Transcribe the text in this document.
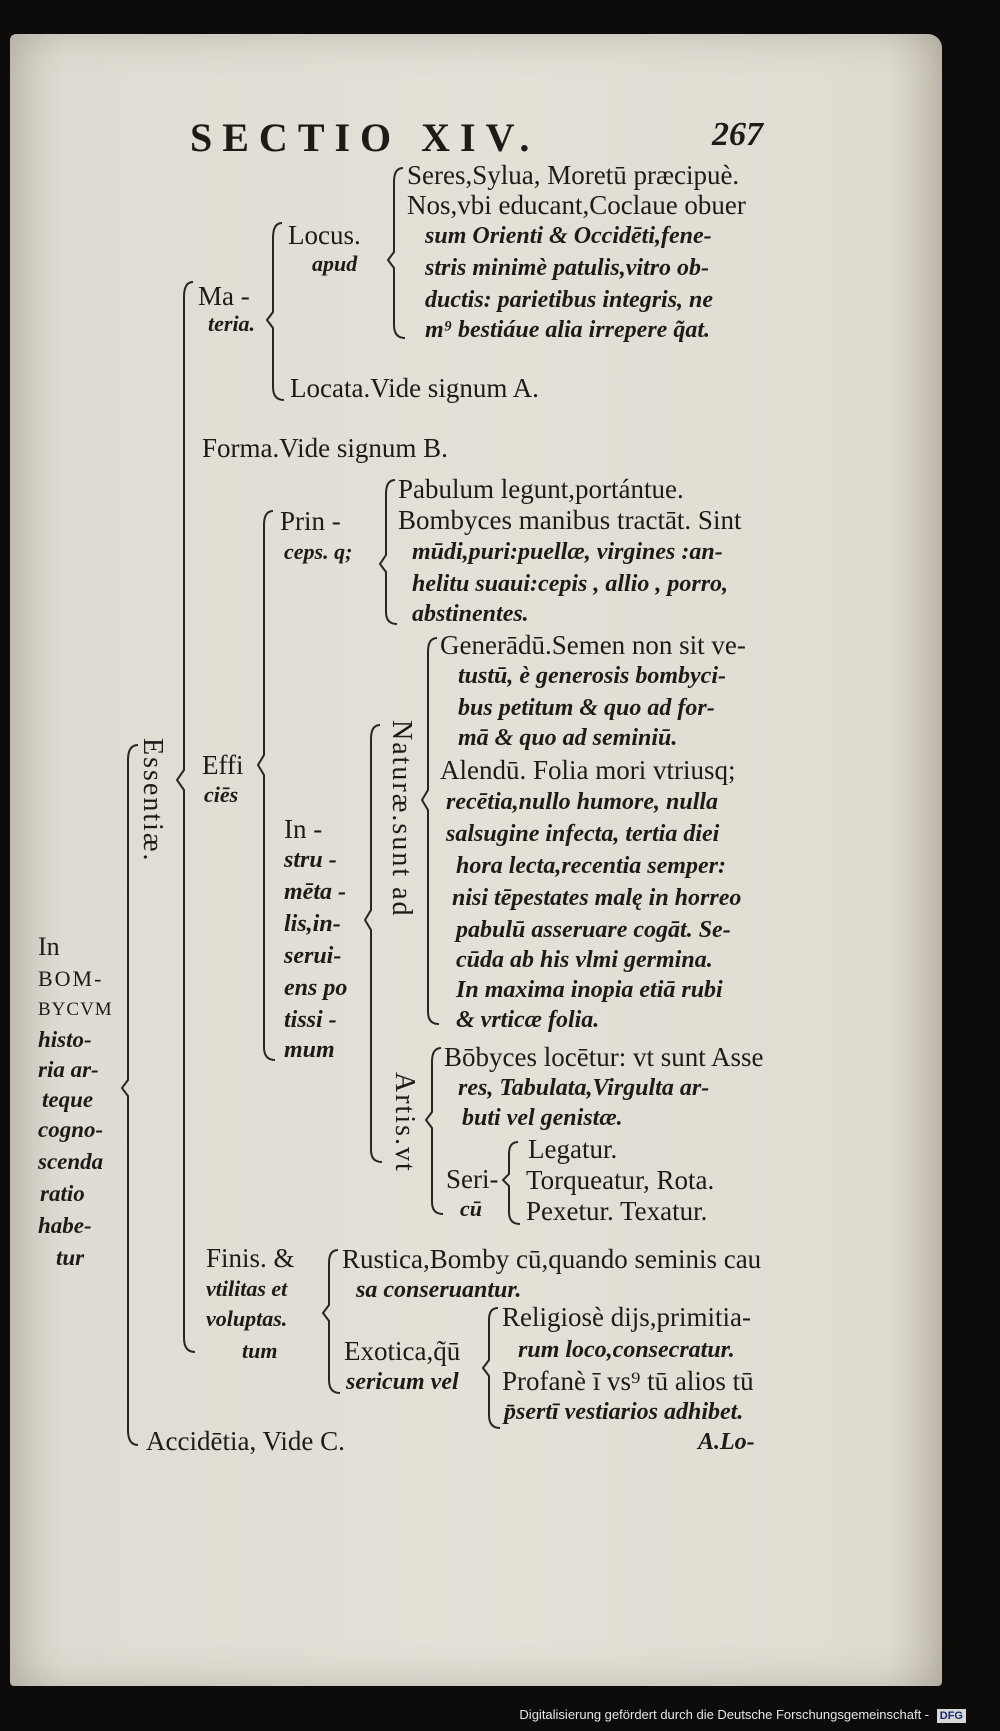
SECTIO XIV.	267
In
BOM-
BYCVM
histo-
ria ar-
teque
cogno-
scenda
ratio
habe-
tur
Essentiæ.
Ma -
teria.
Locus.
apud
Seres,Sylua, Moretū præcipuè.
Nos,vbi educant,Coclaue obuer
sum Orienti & Occidēti,fene-
stris minimè patulis,vitro ob-
ductis: parietibus integris, ne
m⁹ bestiáue alia irrepere q̃at.
Locata.Vide signum A.
Forma.Vide signum B.
Effi
ciēs
Prin -
ceps. q;
Pabulum legunt,portántue.
Bombyces manibus tractāt. Sint
mūdi,puri:puellæ, virgines :an-
helitu suaui:cepis , allio , porro,
abstinentes.
In -
stru -
mēta -
lis,in-
serui-
ens po
tissi -
mum
Naturæ.sunt ad
Generādū.Semen non sit ve-
tustū, è generosis bombyci-
bus petitum & quo ad for-
mā & quo ad seminiū.
Alendū. Folia mori vtriusq;
recētia,nullo humore, nulla
salsugine infecta, tertia diei
hora lecta,recentia semper:
nisi tēpestates malę in horreo
pabulū asseruare cogāt. Se-
cūda ab his vlmi germina.
In maxima inopia etiā rubi
& vrticæ folia.
Artis.vt
Bōbyces locētur: vt sunt Asse
res, Tabulata,Virgulta ar-
buti vel genistæ.
Seri-
cū
Legatur.
Torqueatur, Rota.
Pexetur. Texatur.
Finis. &
vtilitas et
voluptas.
tum
Rustica,Bomby cū,quando seminis cau
sa conseruantur.
Exotica,q̃ū
sericum vel
Religiosè dijs,primitia-
rum loco,consecratur.
Profanè ī vs⁹ tū alios tū
p̄sertī vestiarios adhibet.
Accidētia, Vide C.	A.Lo-
Digitalisierung gefördert durch die Deutsche Forschungsgemeinschaft - DFG
